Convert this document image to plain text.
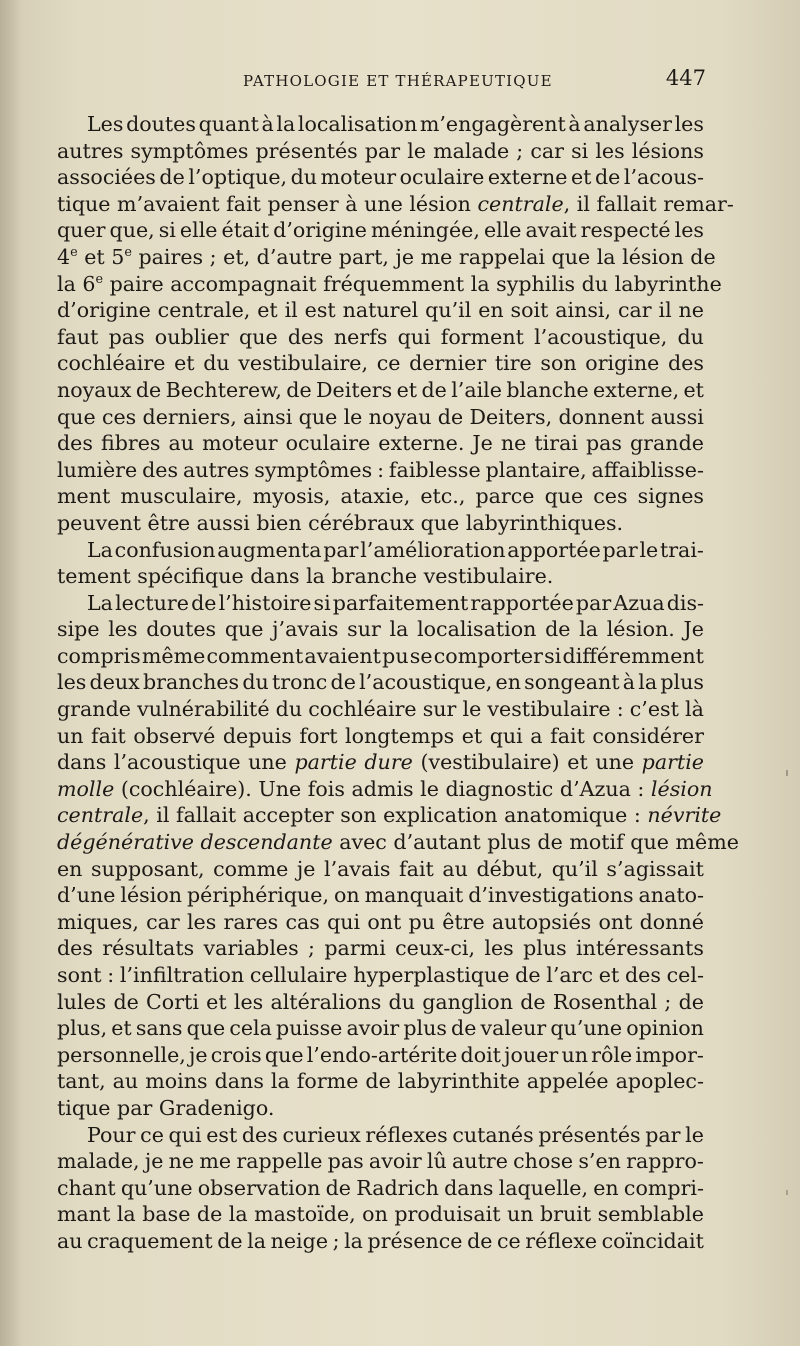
PATHOLOGIE ET THÉRAPEUTIQUE	447
Les doutes quant à la localisation m’engagèrent à analyser les
autres symptômes présentés par le malade ; car si les lésions
associées de l’optique, du moteur oculaire externe et de l’acous-
tique m’avaient fait penser à une lésion centrale, il fallait remar-
quer que, si elle était d’origine méningée, elle avait respecté les
4e et 5e paires ; et, d’autre part, je me rappelai que la lésion de
la 6e paire accompagnait fréquemment la syphilis du labyrinthe
d’origine centrale, et il est naturel qu’il en soit ainsi, car il ne
faut pas oublier que des nerfs qui forment l’acoustique, du
cochléaire et du vestibulaire, ce dernier tire son origine des
noyaux de Bechterew, de Deiters et de l’aile blanche externe, et
que ces derniers, ainsi que le noyau de Deiters, donnent aussi
des fibres au moteur oculaire externe. Je ne tirai pas grande
lumière des autres symptômes : faiblesse plantaire, affaiblisse-
ment musculaire, myosis, ataxie, etc., parce que ces signes
peuvent être aussi bien cérébraux que labyrinthiques.
La confusion augmenta par l’amélioration apportée par le trai-
tement spécifique dans la branche vestibulaire.
La lecture de l’histoire si parfaitement rapportée par Azua dis-
sipe les doutes que j’avais sur la localisation de la lésion. Je
compris même comment avaient pu se comporter si différemment
les deux branches du tronc de l’acoustique, en songeant à la plus
grande vulnérabilité du cochléaire sur le vestibulaire : c’est là
un fait observé depuis fort longtemps et qui a fait considérer
dans l’acoustique une partie dure (vestibulaire) et une partie
molle (cochléaire). Une fois admis le diagnostic d’Azua : lésion
centrale, il fallait accepter son explication anatomique : névrite
dégénérative descendante avec d’autant plus de motif que même
en supposant, comme je l’avais fait au début, qu’il s’agissait
d’une lésion périphérique, on manquait d’investigations anato-
miques, car les rares cas qui ont pu être autopsiés ont donné
des résultats variables ; parmi ceux-ci, les plus intéressants
sont : l’infiltration cellulaire hyperplastique de l’arc et des cel-
lules de Corti et les altéralions du ganglion de Rosenthal ; de
plus, et sans que cela puisse avoir plus de valeur qu’une opinion
personnelle, je crois que l’endo-artérite doit jouer un rôle impor-
tant, au moins dans la forme de labyrinthite appelée apoplec-
tique par Gradenigo.
Pour ce qui est des curieux réflexes cutanés présentés par le
malade, je ne me rappelle pas avoir lû autre chose s’en rappro-
chant qu’une observation de Radrich dans laquelle, en compri-
mant la base de la mastoïde, on produisait un bruit semblable
au craquement de la neige ; la présence de ce réflexe coïncidait
